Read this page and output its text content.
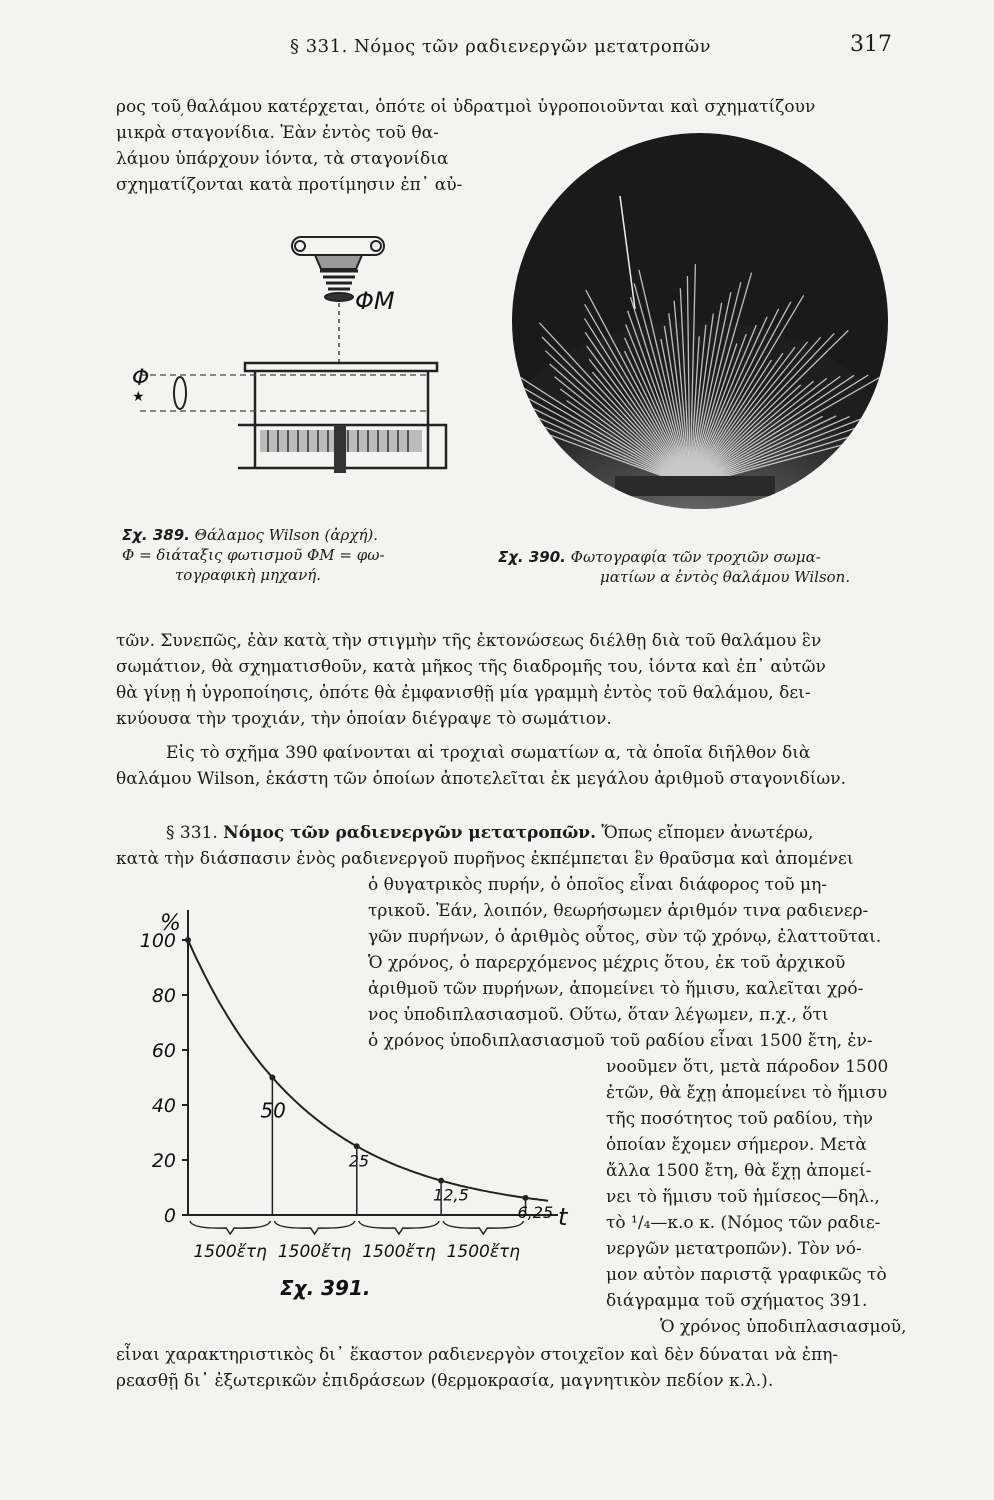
§ 331. Νόμος τῶν ραδιενεργῶν μετατροπῶν	317
ρος τοῦ ̦θαλάμου κατέρχεται, ὁπότε οἱ ὑδρατμοὶ ὑγροποιοῦνται καὶ σχηματίζουν
μικρὰ σταγονίδια. Ἐὰν ἐντὸς τοῦ θα-
λάμου ὑπάρχουν ἰόντα, τὰ σταγονίδια
σχηματίζονται κατὰ προτίμησιν ἐπ᾽ αὐ-
ΦΜ
Φ
★
Σχ. 389. Θάλαμος Wilson (ἀρχή).
Φ = διάταξις φωτισμοῦ ΦΜ = φω-
τογραφικὴ μηχανή.
Σχ. 390. Φωτογραφία τῶν τροχιῶν σωμα-
ματίων α ἐντὸς θαλάμου Wilson.
τῶν. Συνεπῶς, ἐὰν κατὰ ̦τὴν στιγμὴν τῆς ἐκτονώσεως διέλθῃ διὰ τοῦ θαλάμου ἓν
σωμάτιον, θὰ σχηματισθοῦν, κατὰ μῆκος τῆς διαδρομῆς του, ἰόντα καὶ ἐπ᾽ αὐτῶν
θὰ γίνῃ ἡ ὑγροποίησις, ὁπότε θὰ ἐμφανισθῇ μία γραμμὴ ἐντὸς τοῦ θαλάμου, δει-
κνύουσα τὴν τροχιάν, τὴν ὁποίαν διέγραψε τὸ σωμάτιον.
Εἰς τὸ σχῆμα 390 φαίνονται αἱ τροχιαὶ σωματίων α, τὰ ὁποῖα διῆλθον διὰ
θαλάμου Wilson, ἑκάστη τῶν ὁποίων ἀποτελεῖται ἐκ μεγάλου ἀριθμοῦ σταγονιδίων.
§ 331. Νόμος τῶν ραδιενεργῶν μετατροπῶν. Ὅπως εἴπομεν ἀνωτέρω,
κατὰ τὴν διάσπασιν ἑνὸς ραδιενεργοῦ πυρῆνος ἐκπέμπεται ἓν θραῦσμα καὶ ἀπομένει
ὁ θυγατρικὸς πυρήν, ὁ ὁποῖος εἶναι διάφορος τοῦ μη-
τρικοῦ. Ἐάν, λοιπόν, θεωρήσωμεν ἀριθμόν τινα ραδιενερ-
γῶν πυρήνων, ὁ ἀριθμὸς οὗτος, σὺν τῷ χρόνῳ, ἐλαττοῦται.
Ὁ χρόνος, ὁ παρερχόμενος μέχρις ὅτου, ἐκ τοῦ ἀρχικοῦ
ἀριθμοῦ τῶν πυρήνων, ἀπομείνει τὸ ἥμισυ, καλεῖται χρό-
νος ὑποδιπλασιασμοῦ. Οὕτω, ὅταν λέγωμεν, π.χ., ὅτι
ὁ χρόνος ὑποδιπλασιασμοῦ τοῦ ραδίου εἶναι 1500 ἔτη, ἐν-
νοοῦμεν ὅτι, μετὰ πάροδον 1500
ἐτῶν, θὰ ἔχῃ ἀπομείνει τὸ ἥμισυ
τῆς ποσότητος τοῦ ραδίου, τὴν
ὁποίαν ἔχομεν σήμερον. Μετὰ
ἄλλα 1500 ἔτη, θὰ ἔχῃ ἀπομεί-
νει τὸ ἥμισυ τοῦ ἡμίσεος—δηλ.,
τὸ ¹/₄—κ.ο κ. (Νόμος τῶν ραδιε-
νεργῶν μετατροπῶν). Τὸν νό-
μον αὐτὸν παριστᾷ γραφικῶς τὸ
διάγραμμα τοῦ σχήματος 391.
100
80
60
40
20
0
50
25
12,5
6,25
1500ἔτη 1500ἔτη 1500ἔτη 1500ἔτη
%
t
Σχ. 391.
Ὁ χρόνος ὑποδιπλασιασμοῦ,
εἶναι χαρακτηριστικὸς δι᾽ ἕκαστον ραδιενεργὸν στοιχεῖον καὶ δὲν δύναται νὰ ἐπη-
ρεασθῇ δι᾽ ἐξωτερικῶν ἐπιδράσεων (θερμοκρασία, μαγνητικὸν πεδίον κ.λ.).
